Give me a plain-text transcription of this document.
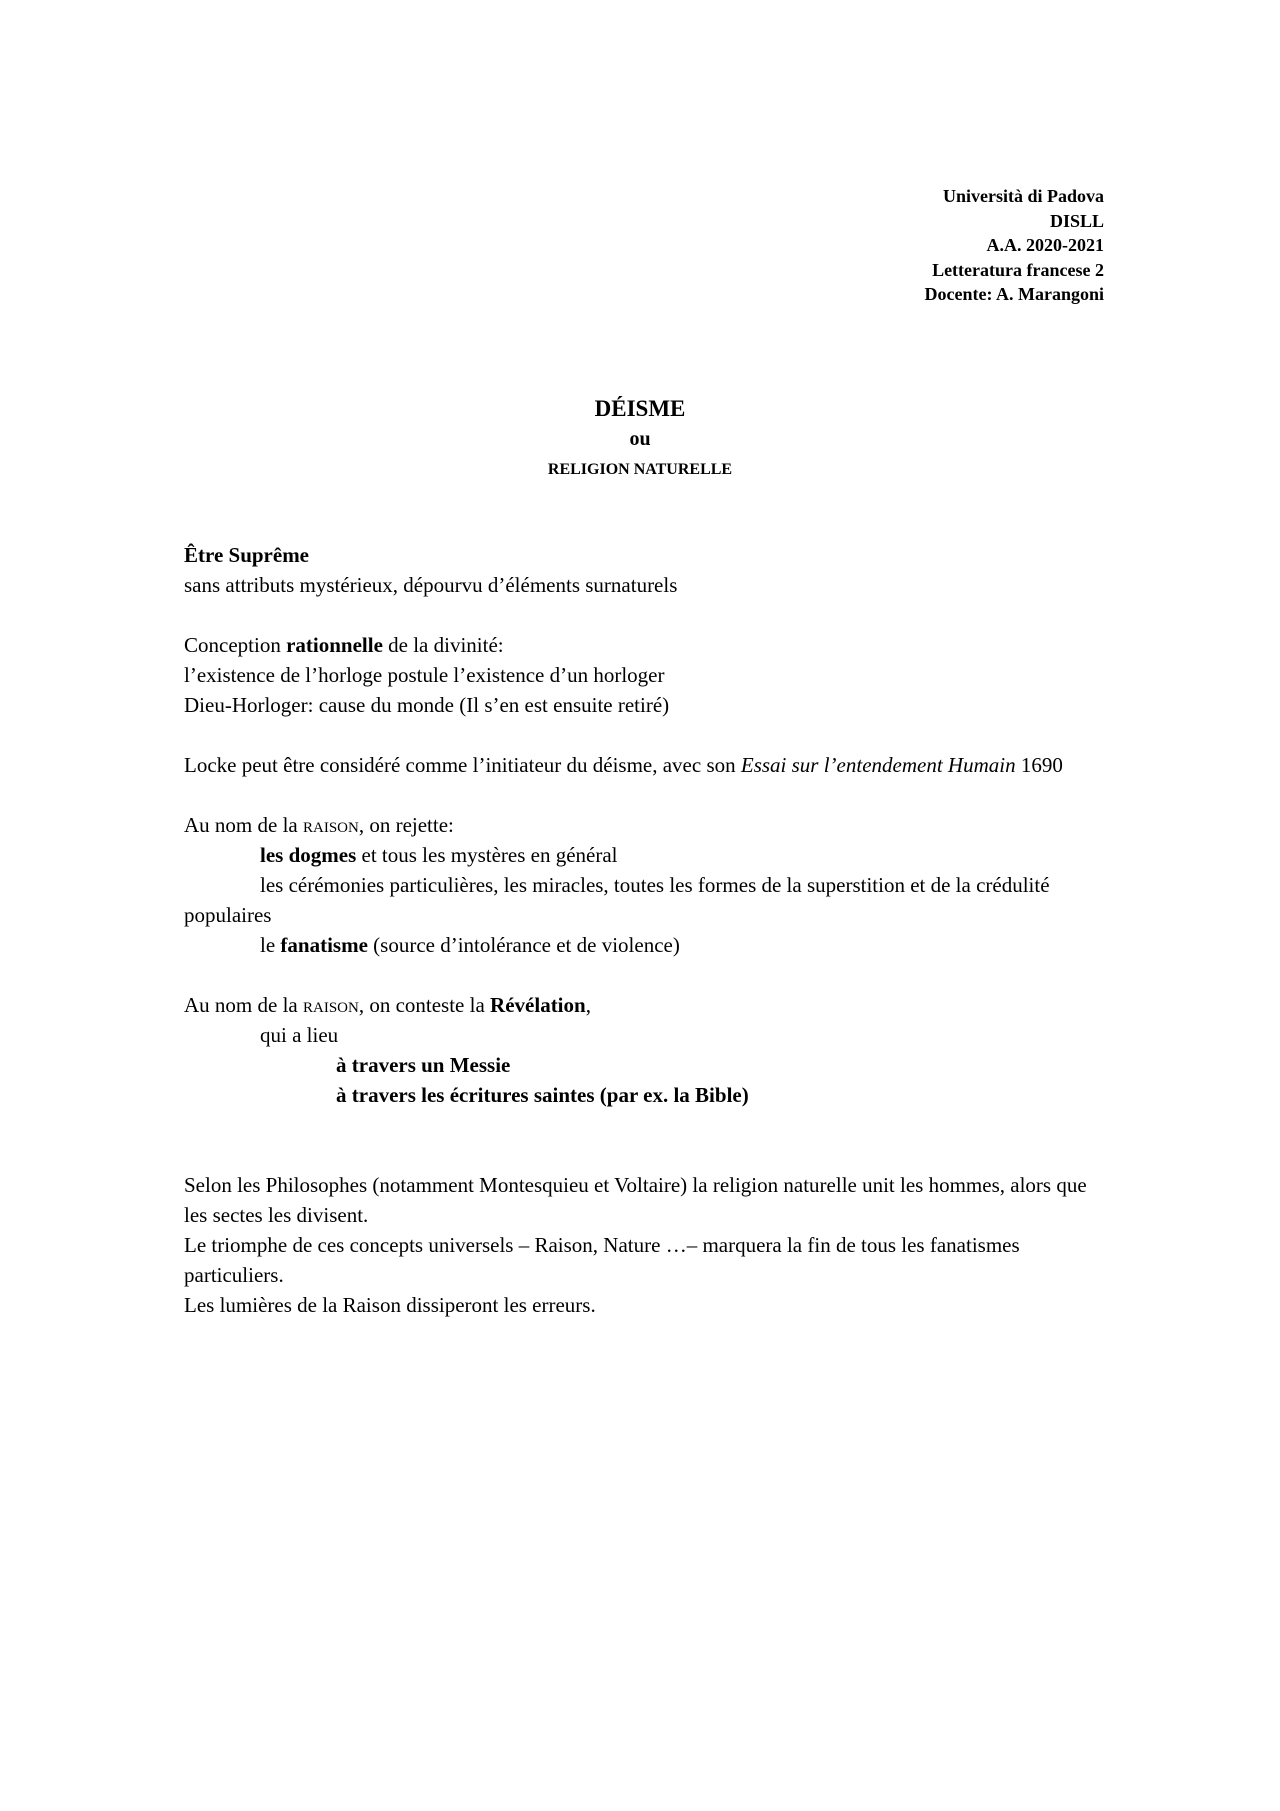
Università di Padova
DISLL
A.A. 2020-2021
Letteratura francese 2
Docente: A. Marangoni
DÉISME
ou
RELIGION NATURELLE

Être Suprême

sans attributs mystérieux, dépourvu d’éléments surnaturels

Conception rationnelle de la divinité:

l’existence de l’horloge postule l’existence d’un horloger

Dieu-Horloger: cause du monde (Il s’en est ensuite retiré)

Locke peut être considéré comme l’initiateur du déisme, avec son Essai sur l’entendement Humain 1690

Au nom de la raison, on rejette:

les dogmes et tous les mystères en général

les cérémonies particulières, les miracles, toutes les formes de la superstition et de la crédulité populaires

le fanatisme (source d’intolérance et de violence)

Au nom de la raison, on conteste la Révélation,

qui a lieu

à travers un Messie

à travers les écritures saintes (par ex. la Bible)

Selon les Philosophes (notamment Montesquieu et Voltaire) la religion naturelle unit les hommes, alors que les sectes les divisent.

Le triomphe de ces concepts universels – Raison, Nature …– marquera la fin de tous les fanatismes particuliers.

Les lumières de la Raison dissiperont les erreurs.
